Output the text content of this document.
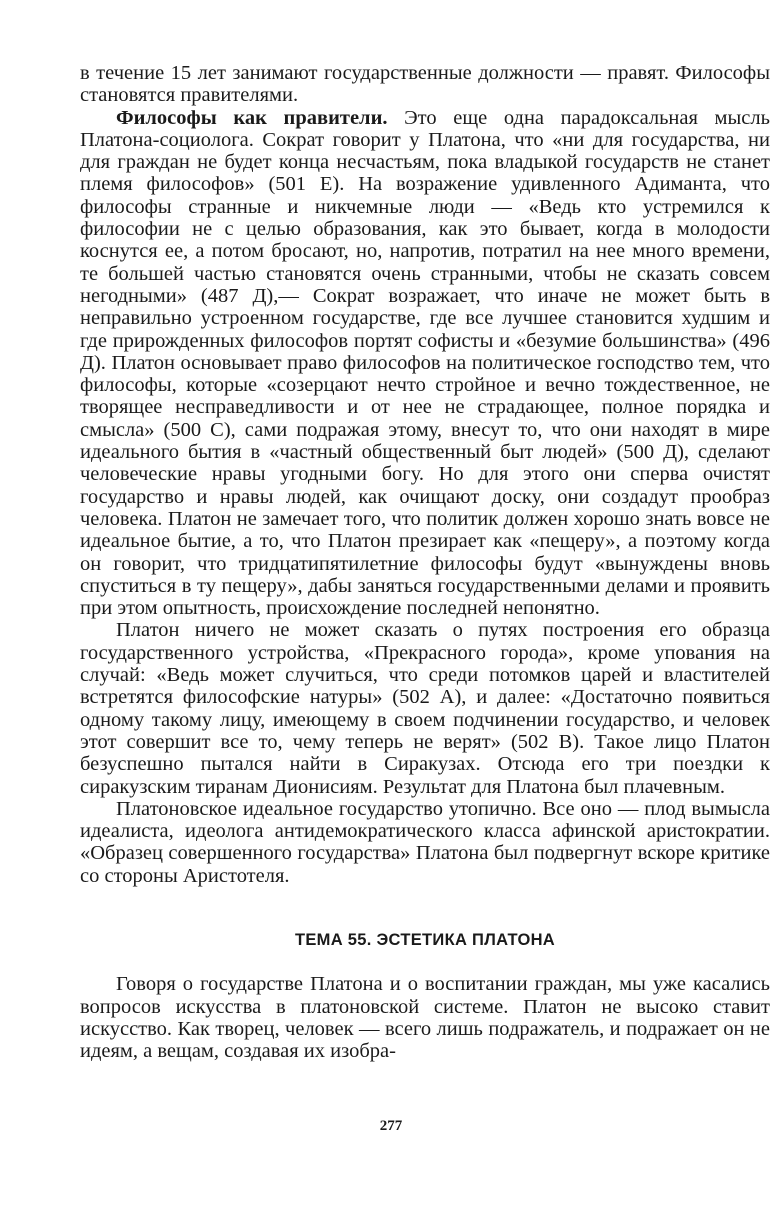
в течение 15 лет занимают государственные должности — правят. Философы становятся правителями.

Философы как правители. Это еще одна парадоксальная мысль Платона-социолога. Сократ говорит у Платона, что «ни для государства, ни для граждан не будет конца несчастьям, пока владыкой государств не станет племя философов» (501 Е). На возражение удивленного Адиманта, что философы странные и никчемные люди — «Ведь кто устремился к философии не с целью образования, как это бывает, когда в молодости коснутся ее, а потом бросают, но, напротив, потратил на нее много времени, те большей частью становятся очень странными, чтобы не сказать совсем негодными» (487 Д),— Сократ возражает, что иначе не может быть в неправильно устроенном государстве, где все лучшее становится худшим и где прирожденных философов портят софисты и «безумие большинства» (496 Д). Платон основывает право философов на политическое господство тем, что философы, которые «созерцают нечто стройное и вечно тождественное, не творящее несправедливости и от нее не страдающее, полное порядка и смысла» (500 С), сами подражая этому, внесут то, что они находят в мире идеального бытия в «частный общественный быт людей» (500 Д), сделают человеческие нравы угодными богу. Но для этого они сперва очистят государство и нравы людей, как очищают доску, они создадут прообраз человека. Платон не замечает того, что политик должен хорошо знать вовсе не идеальное бытие, а то, что Платон презирает как «пещеру», а поэтому когда он говорит, что тридцатипятилетние философы будут «вынуждены вновь спуститься в ту пещеру», дабы заняться государственными делами и проявить при этом опытность, происхождение последней непонятно.

Платон ничего не может сказать о путях построения его образца государственного устройства, «Прекрасного города», кроме упования на случай: «Ведь может случиться, что среди потомков царей и властителей встретятся философские натуры» (502 А), и далее: «Достаточно появиться одному такому лицу, имеющему в своем подчинении государство, и человек этот совершит все то, чему теперь не верят» (502 В). Такое лицо Платон безуспешно пытался найти в Сиракузах. Отсюда его три поездки к сиракузским тиранам Дионисиям. Результат для Платона был плачевным.

Платоновское идеальное государство утопично. Все оно — плод вымысла идеалиста, идеолога антидемократического класса афинской аристократии. «Образец совершенного государства» Платона был подвергнут вскоре критике со стороны Аристотеля.

ТЕМА 55. ЭСТЕТИКА ПЛАТОНА

Говоря о государстве Платона и о воспитании граждан, мы уже касались вопросов искусства в платоновской системе. Платон не высоко ставит искусство. Как творец, человек — всего лишь подражатель, и подражает он не идеям, а вещам, создавая их изобра-

277
